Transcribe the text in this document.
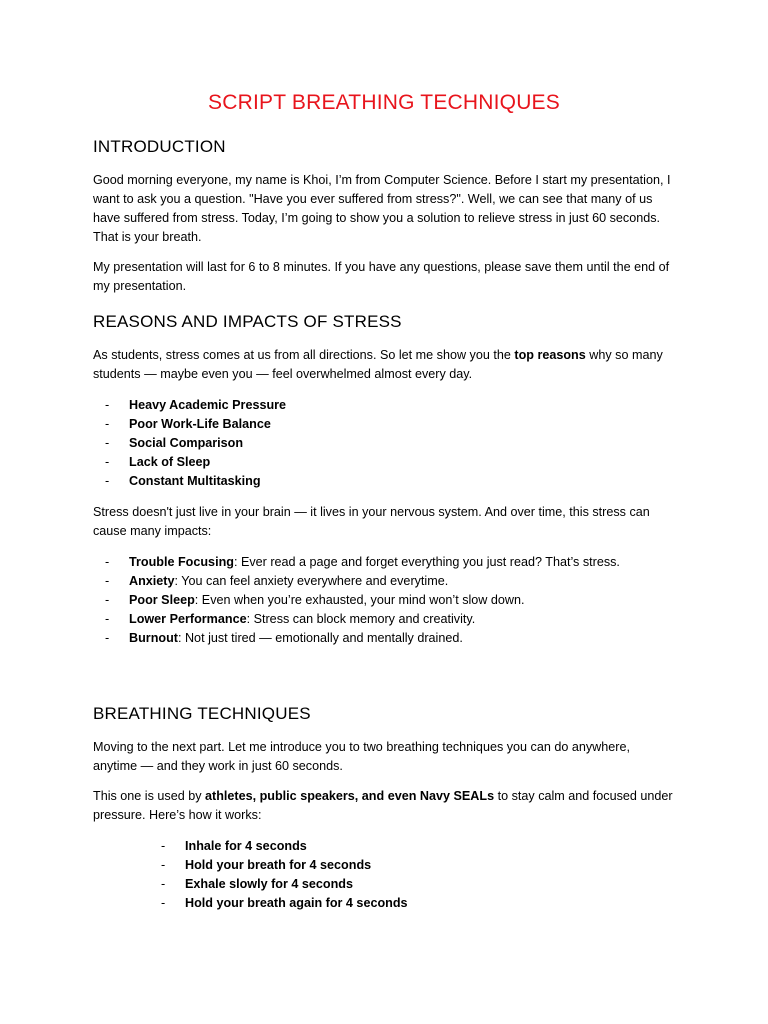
SCRIPT BREATHING TECHNIQUES
INTRODUCTION

Good morning everyone, my name is Khoi, I’m from Computer Science. Before I start my presentation, I want to ask you a question. "Have you ever suffered from stress?". Well, we can see that many of us have suffered from stress. Today, I’m going to show you a solution to relieve stress in just 60 seconds. That is your breath.

My presentation will last for 6 to 8 minutes. If you have any questions, please save them until the end of my presentation.

REASONS AND IMPACTS OF STRESS

As students, stress comes at us from all directions. So let me show you the top reasons why so many students — maybe even you — feel overwhelmed almost every day.

- Heavy Academic Pressure
- Poor Work-Life Balance
- Social Comparison
- Lack of Sleep
- Constant Multitasking

Stress doesn't just live in your brain — it lives in your nervous system. And over time, this stress can cause many impacts:

- Trouble Focusing: Ever read a page and forget everything you just read? That’s stress.
- Anxiety: You can feel anxiety everywhere and everytime.
- Poor Sleep: Even when you’re exhausted, your mind won’t slow down.
- Lower Performance: Stress can block memory and creativity.
- Burnout: Not just tired — emotionally and mentally drained.
BREATHING TECHNIQUES

Moving to the next part. Let me introduce you to two breathing techniques you can do anywhere, anytime — and they work in just 60 seconds.

This one is used by athletes, public speakers, and even Navy SEALs to stay calm and focused under pressure. Here’s how it works:

- Inhale for 4 seconds
- Hold your breath for 4 seconds
- Exhale slowly for 4 seconds
- Hold your breath again for 4 seconds
